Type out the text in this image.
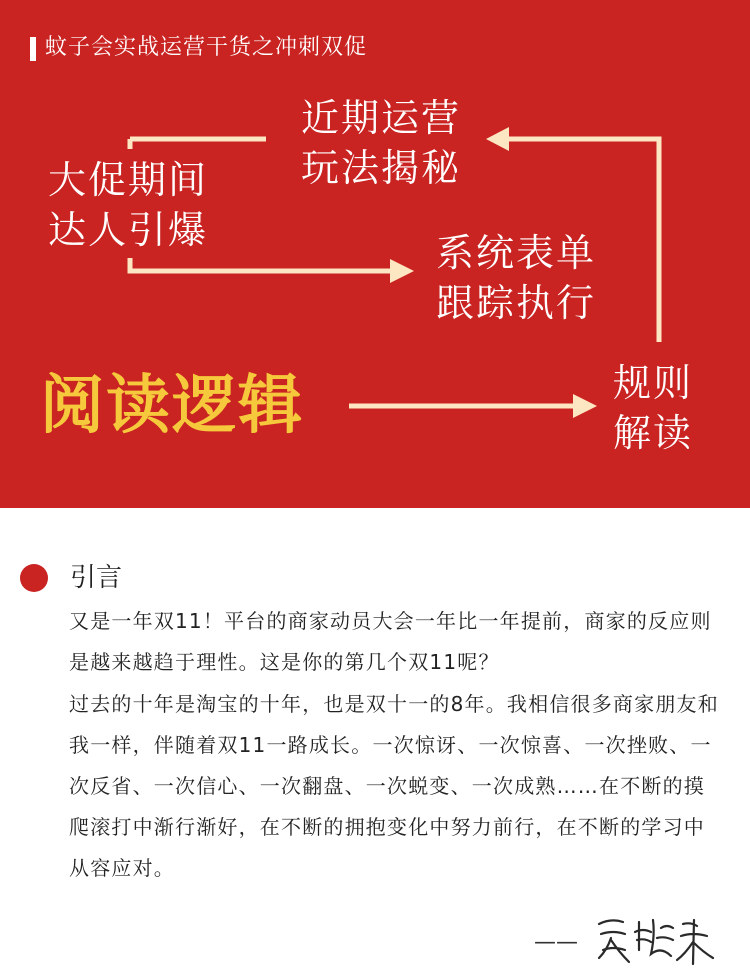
蚊子会实战运营干货之冲刺双促
近期运营
玩法揭秘
大促期间
达人引爆
系统表单
跟踪执行
规则
解读
阅读逻辑
引言

又是一年双11！平台的商家动员大会一年比一年提前，商家的反应则是越来越趋于理性。这是你的第几个双11呢？

过去的十年是淘宝的十年，也是双十一的8年。我相信很多商家朋友和我一样，伴随着双11一路成长。一次惊讶、一次惊喜、一次挫败、一次反省、一次信心、一次翻盘、一次蜕变、一次成熟……在不断的摸爬滚打中渐行渐好，在不断的拥抱变化中努力前行，在不断的学习中从容应对。

——
